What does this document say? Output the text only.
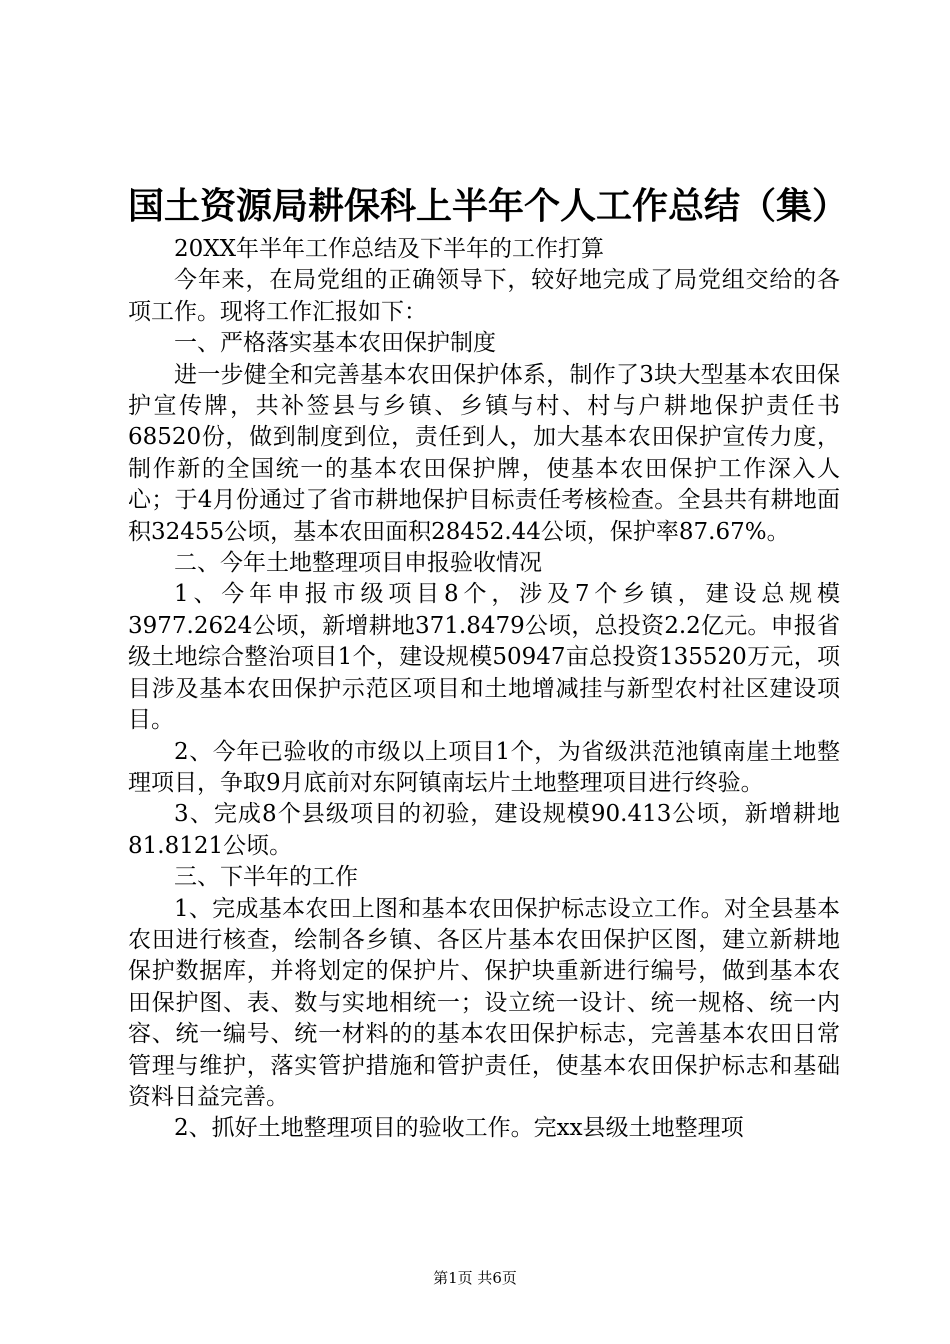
国土资源局耕保科上半年个人工作总结（集）

20XX年半年工作总结及下半年的工作打算

今年来，在局党组的正确领导下，较好地完成了局党组交给的各项工作。现将工作汇报如下：

一、严格落实基本农田保护制度

进一步健全和完善基本农田保护体系，制作了3块大型基本农田保护宣传牌，共补签县与乡镇、乡镇与村、村与户耕地保护责任书68520份，做到制度到位，责任到人，加大基本农田保护宣传力度，制作新的全国统一的基本农田保护牌，使基本农田保护工作深入人心；于4月份通过了省市耕地保护目标责任考核检查。全县共有耕地面积32455公顷，基本农田面积28452.44公顷，保护率87.67%。

二、今年土地整理项目申报验收情况

1、今年申报市级项目8个，涉及7个乡镇，建设总规模3977.2624公顷，新增耕地371.8479公顷，总投资2.2亿元。申报省级土地综合整治项目1个，建设规模50947亩总投资135520万元，项目涉及基本农田保护示范区项目和土地增减挂与新型农村社区建设项目。

2、今年已验收的市级以上项目1个，为省级洪范池镇南崖土地整理项目，争取9月底前对东阿镇南坛片土地整理项目进行终验。

3、完成8个县级项目的初验，建设规模90.413公顷，新增耕地81.8121公顷。

三、下半年的工作

1、完成基本农田上图和基本农田保护标志设立工作。对全县基本农田进行核查，绘制各乡镇、各区片基本农田保护区图，建立新耕地保护数据库，并将划定的保护片、保护块重新进行编号，做到基本农田保护图、表、数与实地相统一；设立统一设计、统一规格、统一内容、统一编号、统一材料的的基本农田保护标志，完善基本农田日常管理与维护，落实管护措施和管护责任，使基本农田保护标志和基础资料日益完善。

2、抓好土地整理项目的验收工作。完xx县级土地整理项

第1页 共6页
